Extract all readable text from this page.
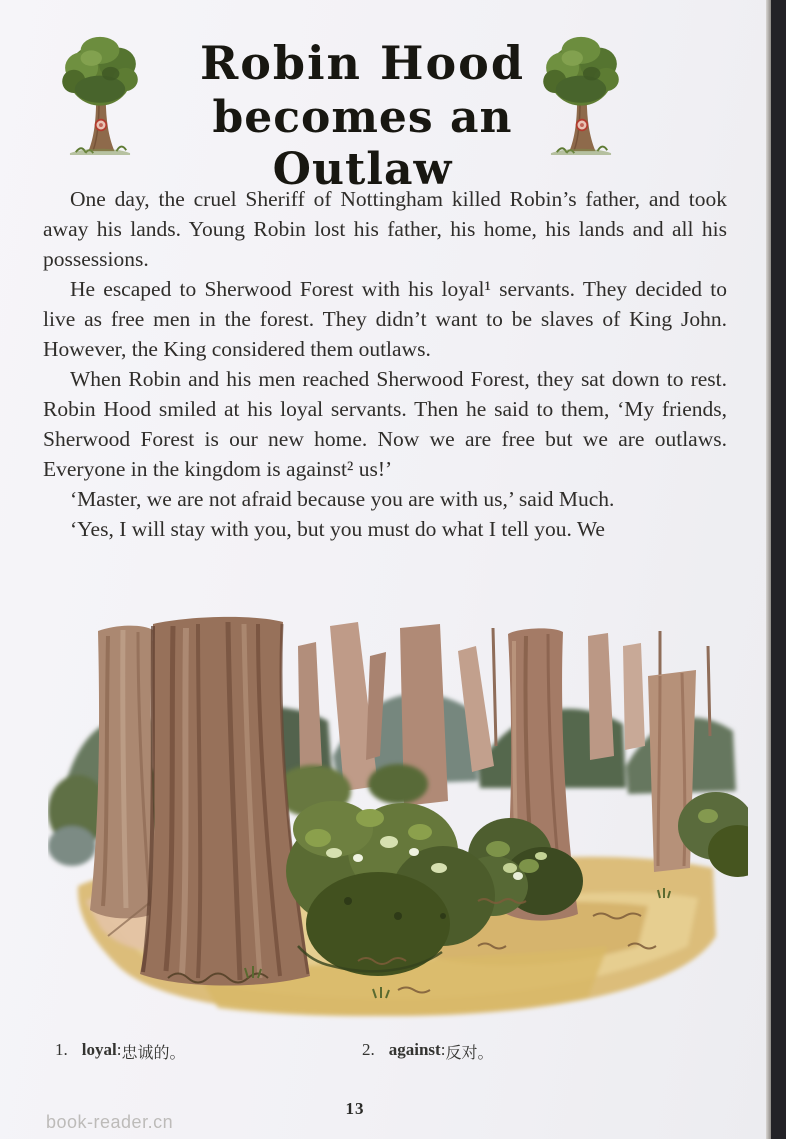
Robin Hood
becomes an Outlaw

One day, the cruel Sheriff of Nottingham killed Robin’s father, and took away his lands. Young Robin lost his father, his home, his lands and all his possessions.

He escaped to Sherwood Forest with his loyal¹ servants. They decided to live as free men in the forest. They didn’t want to be slaves of King John. However, the King considered them outlaws.

When Robin and his men reached Sherwood Forest, they sat down to rest. Robin Hood smiled at his loyal servants. Then he said to them, ‘My friends, Sherwood Forest is our new home. Now we are free but we are outlaws. Everyone in the kingdom is against² us!’

‘Master, we are not afraid because you are with us,’ said Much.

‘Yes, I will stay with you, but you must do what I tell you. We

1. loyal : 忠诚的。	2. against : 反对。
13
book-reader.cn
